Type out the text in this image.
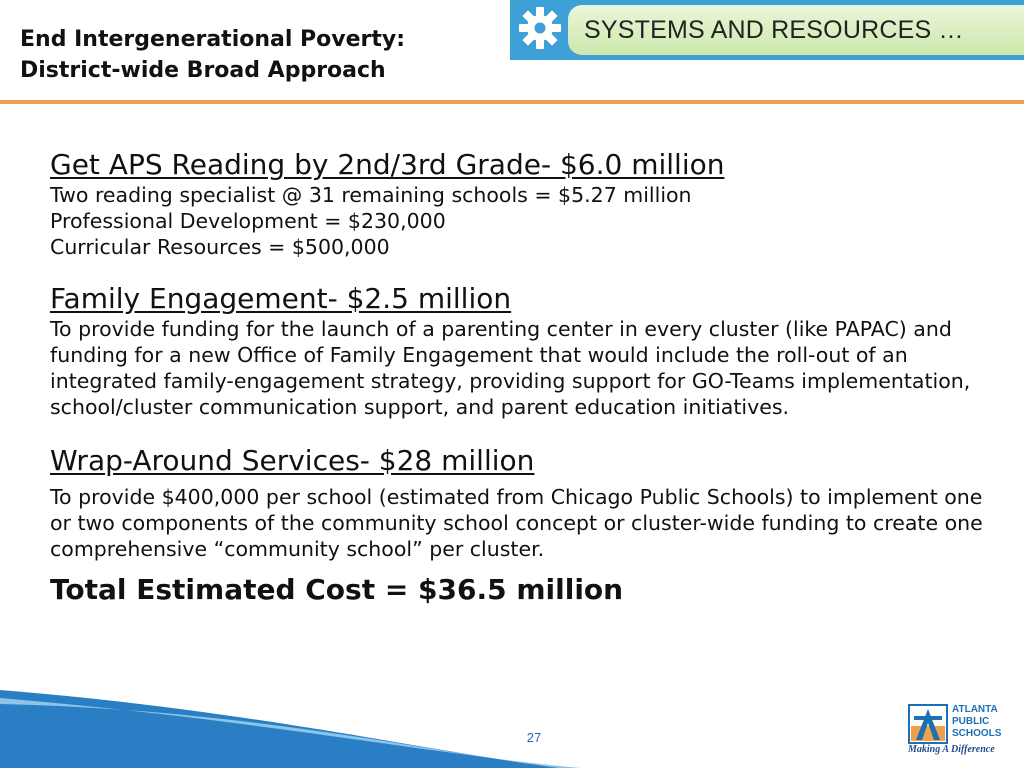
End Intergenerational Poverty:
District-wide Broad Approach
SYSTEMS AND RESOURCES …
Get APS Reading by 2nd/3rd Grade- $6.0 million
Two reading specialist @ 31 remaining schools = $5.27 million
Professional Development = $230,000
Curricular Resources = $500,000
Family Engagement- $2.5 million
To provide funding for the launch of a parenting center in every cluster (like PAPAC) and funding for a new Office of Family Engagement that would include the roll-out of an integrated family-engagement strategy, providing support for GO-Teams implementation, school/cluster communication support, and parent education initiatives.
Wrap-Around Services- $28 million
To provide $400,000 per school (estimated from Chicago Public Schools) to implement one or two components of the community school concept or cluster-wide funding to create one comprehensive “community school” per cluster.
Total Estimated Cost = $36.5 million
27
ATLANTA
PUBLIC
SCHOOLS
Making A Difference
